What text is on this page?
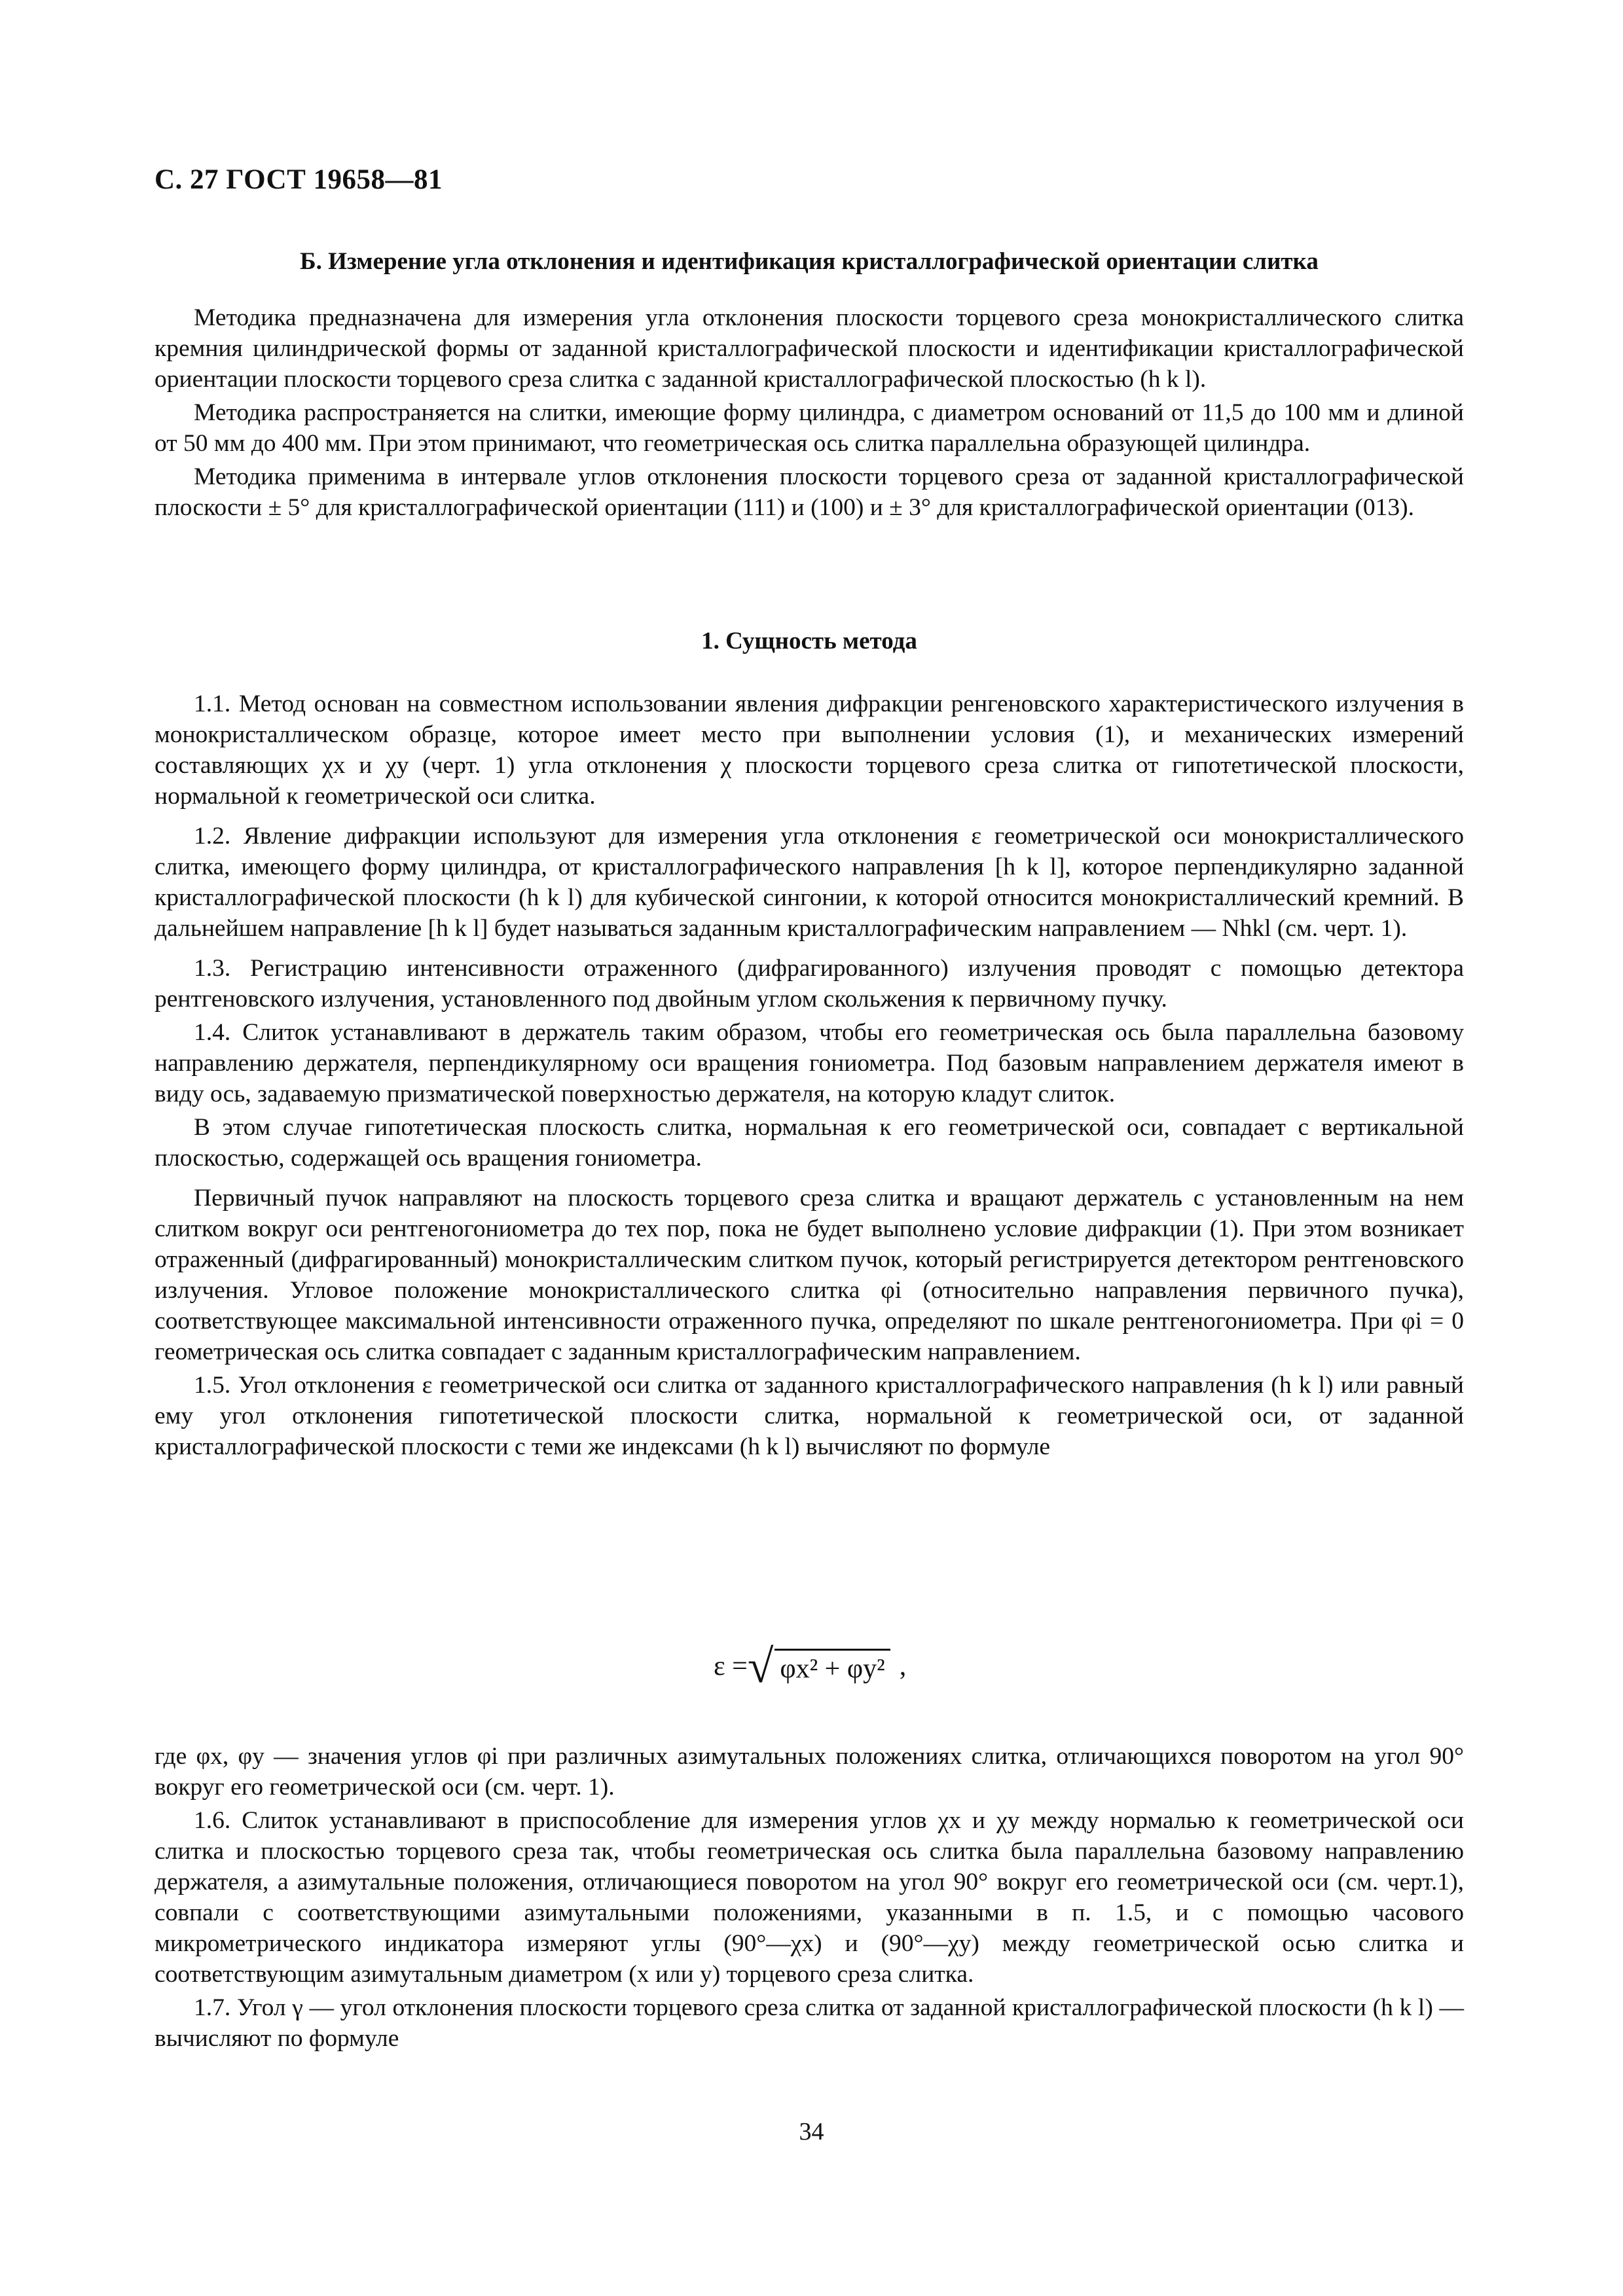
С. 27 ГОСТ 19658—81
Б. Измерение угла отклонения и идентификация кристаллографической ориентации слитка

Методика предназначена для измерения угла отклонения плоскости торцевого среза монокристаллического слитка кремния цилиндрической формы от заданной кристаллографической плоскости и идентификации кристаллографической ориентации плоскости торцевого среза слитка с заданной кристаллографической плоскостью (h k l).

Методика распространяется на слитки, имеющие форму цилиндра, с диаметром оснований от 11,5 до 100 мм и длиной от 50 мм до 400 мм. При этом принимают, что геометрическая ось слитка параллельна образующей цилиндра.

Методика применима в интервале углов отклонения плоскости торцевого среза от заданной кристаллографической плоскости ± 5° для кристаллографической ориентации (111) и (100) и ± 3° для кристаллографической ориентации (013).

1. Сущность метода

1.1. Метод основан на совместном использовании явления дифракции ренгеновского характеристического излучения в монокристаллическом образце, которое имеет место при выполнении условия (1), и механических измерений составляющих χx и χy (черт. 1) угла отклонения χ плоскости торцевого среза слитка от гипотетической плоскости, нормальной к геометрической оси слитка.

1.2. Явление дифракции используют для измерения угла отклонения ε геометрической оси монокристаллического слитка, имеющего форму цилиндра, от кристаллографического направления [h k l], которое перпендикулярно заданной кристаллографической плоскости (h k l) для кубической сингонии, к которой относится монокристаллический кремний. В дальнейшем направление [h k l] будет называться заданным кристаллографическим направлением — Nhkl (см. черт. 1).

1.3. Регистрацию интенсивности отраженного (дифрагированного) излучения проводят с помощью детектора рентгеновского излучения, установленного под двойным углом скольжения к первичному пучку.

1.4. Слиток устанавливают в держатель таким образом, чтобы его геометрическая ось была параллельна базовому направлению держателя, перпендикулярному оси вращения гониометра. Под базовым направлением держателя имеют в виду ось, задаваемую призматической поверхностью держателя, на которую кладут слиток.

В этом случае гипотетическая плоскость слитка, нормальная к его геометрической оси, совпадает с вертикальной плоскостью, содержащей ось вращения гониометра.

Первичный пучок направляют на плоскость торцевого среза слитка и вращают держатель с установленным на нем слитком вокруг оси рентгеногониометра до тех пор, пока не будет выполнено условие дифракции (1). При этом возникает отраженный (дифрагированный) монокристаллическим слитком пучок, который регистрируется детектором рентгеновского излучения. Угловое положение монокристаллического слитка φi (относительно направления первичного пучка), соответствующее максимальной интенсивности отраженного пучка, определяют по шкале рентгеногониометра. При φi = 0 геометрическая ось слитка совпадает с заданным кристаллографическим направлением.

1.5. Угол отклонения ε геометрической оси слитка от заданного кристаллографического направления (h k l) или равный ему угол отклонения гипотетической плоскости слитка, нормальной к геометрической оси, от заданной кристаллографической плоскости с теми же индексами (h k l) вычисляют по формуле

ε = √ φx² + φy² ,

где φx, φy — значения углов φi при различных азимутальных положениях слитка, отличающихся поворотом на угол 90° вокруг его геометрической оси (см. черт. 1).

1.6. Слиток устанавливают в приспособление для измерения углов χx и χy между нормалью к геометрической оси слитка и плоскостью торцевого среза так, чтобы геометрическая ось слитка была параллельна базовому направлению держателя, а азимутальные положения, отличающиеся поворотом на угол 90° вокруг его геометрической оси (см. черт.1), совпали с соответствующими азимутальными положениями, указанными в п. 1.5, и с помощью часового микрометрического индикатора измеряют углы (90°—χx) и (90°—χy) между геометрической осью слитка и соответствующим азимутальным диаметром (x или y) торцевого среза слитка.

1.7. Угол γ — угол отклонения плоскости торцевого среза слитка от заданной кристаллографической плоскости (h k l) — вычисляют по формуле

34
